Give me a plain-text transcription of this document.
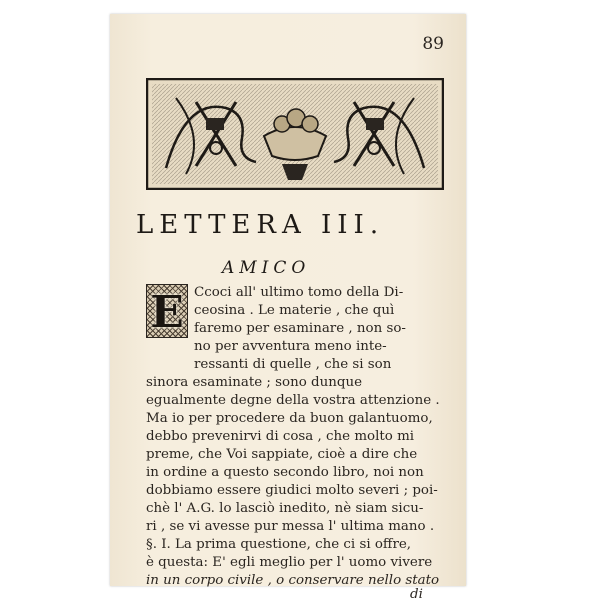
89
LETTERA III.
AMICO
E Ccoci all' ultimo tomo della Di-
ceosina . Le materie , che quì
faremo per esaminare , non so-
no per avventura meno inte-
ressanti di quelle , che si son
sinora esaminate ; sono dunque
egualmente degne della vostra attenzione .
Ma io per procedere da buon galantuomo,
debbo prevenirvi di cosa , che molto mi
preme, che Voi sappiate, cioè a dire che
in ordine a questo secondo libro, noi non
dobbiamo essere giudici molto severi ; poi-
chè l' A.G. lo lasciò inedito, nè siam sicu-
ri , se vi avesse pur messa l' ultima mano .
§. I. La prima questione, che ci si offre,
è questa: E' egli meglio per l' uomo vivere
in un corpo civile , o conservare nello stato
di
